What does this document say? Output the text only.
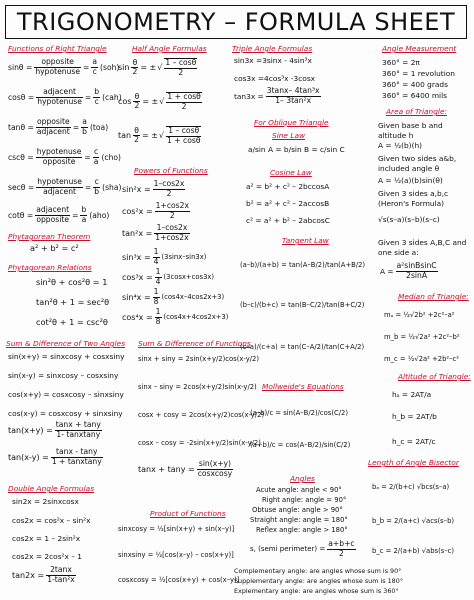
TRIGONOMETRY – FORMULA SHEET
Functions of Right Triangle
$\sin\theta = \frac{\text{opposite}}{\text{hypotenuse}} = \frac{a}{c} (soh)$
$\cos\theta = \frac{\text{adjacent}}{\text{hypotenuse}} = \frac{b}{c} (cah)$
$\tan\theta = \frac{\text{opposite}}{\text{adjacent}} = \frac{a}{b} (toa)$
$\csc\theta = \frac{\text{hypotenuse}}{\text{opposite}} = \frac{c}{a} (cho)$
$\sec\theta = \frac{\text{hypotenuse}}{\text{adjacent}} = \frac{c}{b} (sha)$
$\cot\theta = \frac{\text{adjacent}}{\text{opposite}} = \frac{b}{a} (aho)$
Phytagorean Theorem
a² + b² = c²
Phytagorean Relations
sin²θ + cos²θ = 1
tan²θ + 1 = sec²θ
cot²θ + 1 = csc²θ
Sum & Difference of Two Angles
sin(x+y) = sinxcosy + cosxsiny
sin(x-y) = sinxcosy – cosxsiny
cos(x+y) = cosxcosy – sinxsiny
cos(x-y) = cosxcosy + sinxsiny
$\tan(x+y) = \frac{\tan x + \tan y}{\text{1- tanxtany}}$
$\tan(x-y) = \frac{\tan x - \tan y}{\text{1 + tanxtany}}$
Double Angle Formulas
sin2x = 2sinxcosx
cos2x = cos²x – sin²x
cos2x = 1 – 2sin²x
cos2x = 2cos²x – 1
$\tan 2x = \frac{2\tan x}{\text{1-tan²x}}$
Half Angle Formulas
$\sin \frac{\theta}{2}$ = ± √ $\frac{1 - \cos\theta}{2}$
$\cos \frac{\theta}{2}$ = ± √ $\frac{1 + \cos\theta}{2}$
$\tan \frac{\theta}{2}$ = ± √ $\frac{1 - \cos\theta}{1 + \cos\theta}$
Powers of Functions
$\sin^2x = \frac{1-\cos 2x}{2}$
$\cos^2x = \frac{1+\cos 2x}{2}$
$\tan^2x = \frac{1-\cos 2x}{1+\cos 2x}$
$\sin^3x = \frac{1}{4} (3\sin x-\sin 3x)$
$\cos^3x = \frac{1}{4} (3\cos x+\cos 3x)$
$\sin^4x = \frac{1}{8} (\cos 4x-4\cos 2x+3)$
$\cos^4x = \frac{1}{8} (\cos 4x+4\cos 2x+3)$
Sum & Difference of Functions
sinx + siny = 2sin(x+y/2)cos(x-y/2)
sinx – siny = 2cos(x+y/2)sin(x-y/2)
cosx + cosy = 2cos(x+y/2)cos(x-y/2)
cosx – cosy = -2sin(x+y/2)sin(x-y/2)
$\tan x + \tan y = \frac{\sin(x+y)}{\text{cosxcosy}}$
Product of Functions
sinxcosy = ½[sin(x+y) + sin(x–y)]
sinxsiny = ½[cos(x–y) – cos(x+y)]
cosxcosy = ½[cos(x+y) + cos(x–y)]
Triple Angle Formulas
sin3x =3sinx - 4sin³x
cos3x =4cos³x -3cosx
$\tan 3x = \frac{\text{3tanx– 4tan³x}}{\text{1– 3tan²x}}$
For Oblique Triangle
Sine Law
a/sin A = b/sin B = c/sin C
Cosine Law
a² = b² + c² – 2bccosA
b² = a² + c² – 2accosB
c² = a² + b² – 2abcosC
Tangent Law
(a–b)/(a+b) = tan(A–B/2)/tan(A+B/2)
(b–c)/(b+c) = tan(B–C/2)/tan(B+C/2)
(c–a)/(c+a) = tan(C–A/2)/tan(C+A/2)
Mollweide's Equations
(a–b)/c = sin(A–B/2)/cos(C/2)
(a+b)/c = cos(A–B/2)/sin(C/2)
Angles
Acute angle: angle < 90°
Right angle: angle = 90°
Obtuse angle: angle > 90°
Straight angle: angle = 180°
Reflex angle: angle > 180°
s, (semi perimeter) = $\frac{a+b+c}{2}$
Complementary angle: are angles whose sum is 90°
Supplementary angle: are angles whose sum is 180°
Explementary angle: are angles whose sum is 360°
Angle Measurement
360° = 2π
360° = 1 revolution
360° = 400 grads
360° = 6400 mils
Area of Triangle:
Given base b and altitude h
A = ½(b)(h)
Given two sides a&b, included angle θ
A = ½(a)(b)sin(θ)
Given 3 sides a,b,c (Heron's Formula)
√s(s–a)(s–b)(s–c)
Given 3 sides A,B,C and one side a:
$A = \frac{\text{a²sinBsinC}}{2\sin A}$
Median of Triangle:
mₐ = ½√2b² +2c²–a²
m_b = ½√2a² +2c²–b²
m_c = ½√2a² +2b²–c²
Altitude of Triangle:
hₐ = 2AT/a
h_b = 2AT/b
h_c = 2AT/c
Length of Angle Bisector
bₐ = 2/(b+c) √bcs(s–a)
b_b = 2/(a+c) √acs(s–b)
b_c = 2/(a+b) √abs(s–c)
